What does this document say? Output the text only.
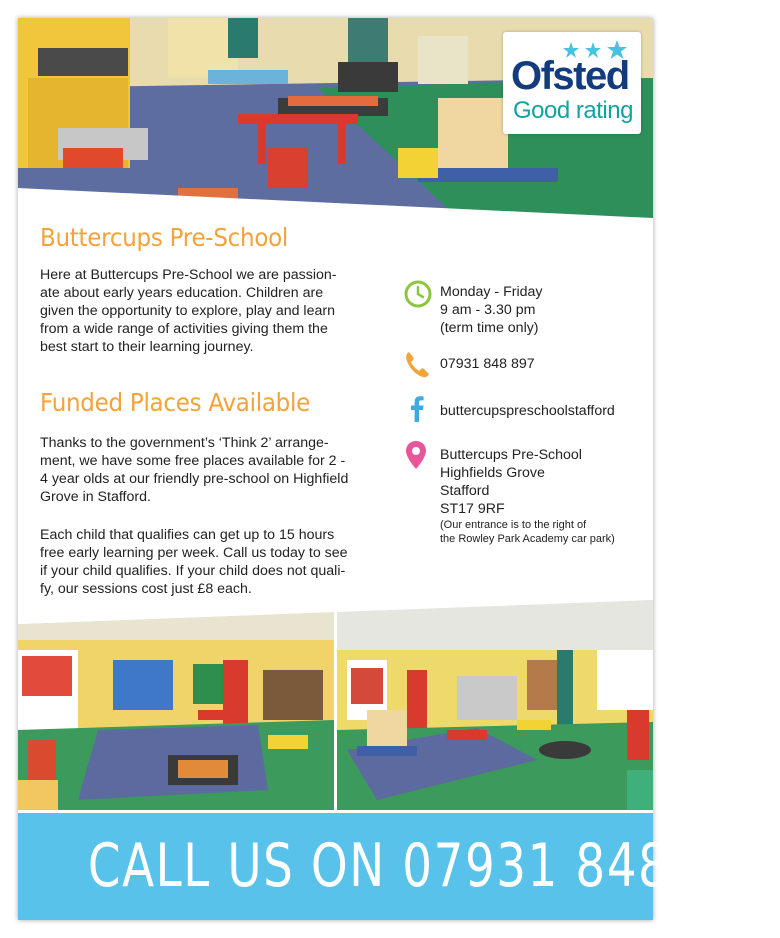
Ofsted
Good rating
Buttercups Pre-School
Here at Buttercups Pre-School we are passion-
ate about early years education. Children are
given the opportunity to explore, play and learn
from a wide range of activities giving them the
best start to their learning journey.
Funded Places Available
Thanks to the government’s ‘Think 2’ arrange-
ment, we have some free places available for 2 -
4 year olds at our friendly pre-school on Highfield
Grove in Stafford.
Each child that qualifies can get up to 15 hours
free early learning per week. Call us today to see
if your child qualifies. If your child does not quali-
fy, our sessions cost just £8 each.
Monday - Friday
9 am - 3.30 pm
(term time only)
07931 848 897
buttercupspreschoolstafford
Buttercups Pre-School
Highfields Grove
Stafford
ST17 9RF
(Our entrance is to the right of
the Rowley Park Academy car park)
CALL US ON 07931 848 897
